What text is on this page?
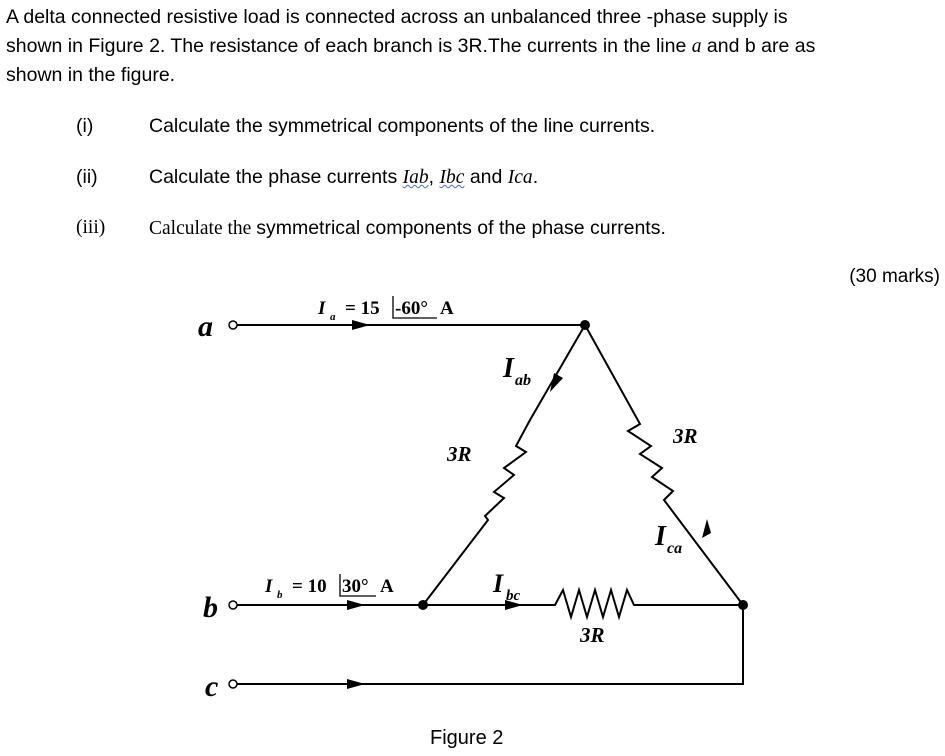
A delta connected resistive load is connected across an unbalanced three -phase supply is shown in Figure 2. The resistance of each branch is 3R.The currents in the line a and b are as shown in the figure.
(i)	Calculate the symmetrical components of the line currents.
(ii)	Calculate the phase currents Iab, Ibc and Ica.
(iii) Calculate the symmetrical components of the phase currents.
(30 marks)
a
b
c
I a = 15 -60° A
I b = 10 30° A
I ab
I bc
I ca
3R
3R
3R
Figure 2
